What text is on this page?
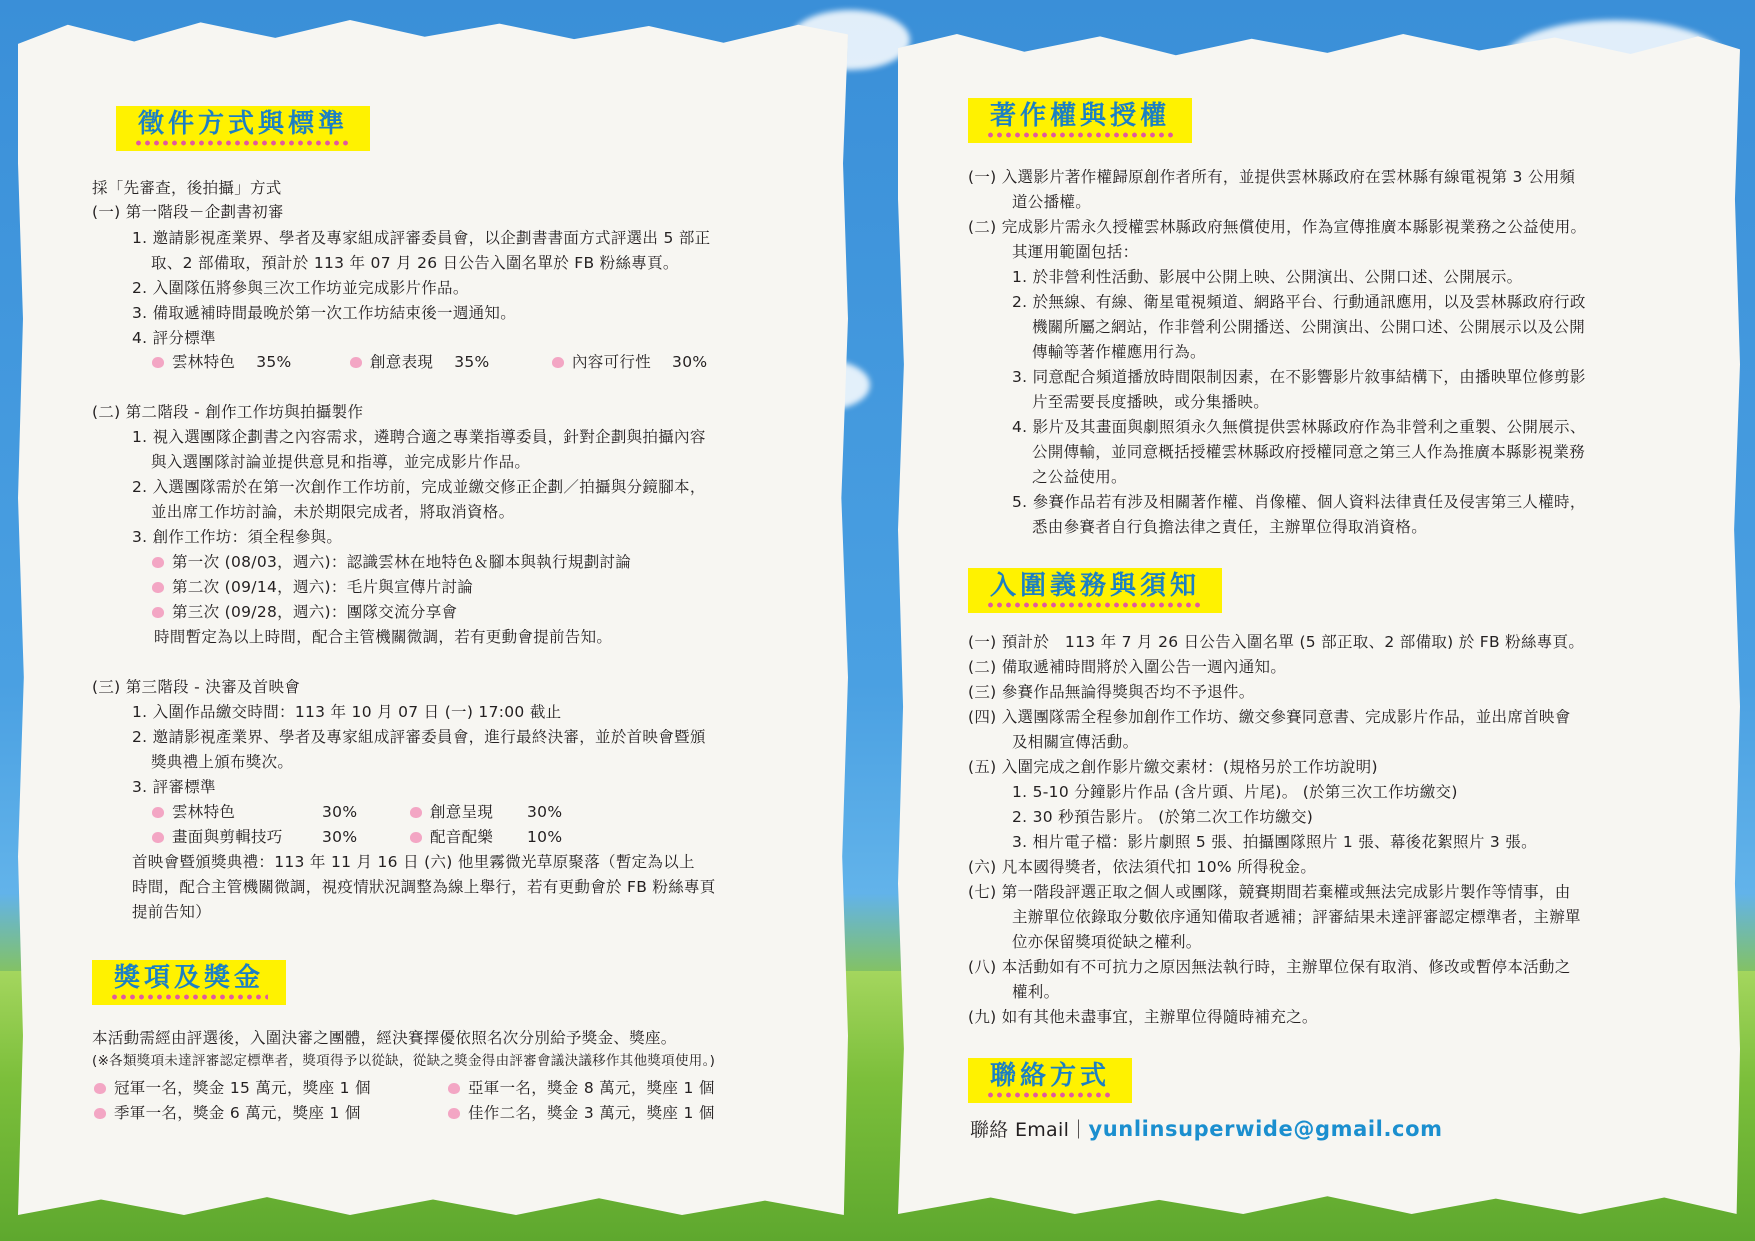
徵件方式與標準
採「先審查，後拍攝」方式
(一) 第一階段－企劃書初審
1. 邀請影視產業界、學者及專家組成評審委員會，以企劃書書面方式評選出 5 部正
取、2 部備取，預計於 113 年 07 月 26 日公告入圍名單於 FB 粉絲專頁。
2. 入圍隊伍將參與三次工作坊並完成影片作品。
3. 備取遞補時間最晚於第一次工作坊結束後一週通知。
4. 評分標準
雲林特色　 35%	創意表現　 35%	內容可行性　 30%
(二) 第二階段 - 創作工作坊與拍攝製作
1. 視入選團隊企劃書之內容需求，遴聘合適之專業指導委員，針對企劃與拍攝內容
與入選團隊討論並提供意見和指導，並完成影片作品。
2. 入選團隊需於在第一次創作工作坊前，完成並繳交修正企劃／拍攝與分鏡腳本，
並出席工作坊討論，未於期限完成者，將取消資格。
3. 創作工作坊：須全程參與。
第一次 (08/03，週六)：認識雲林在地特色＆腳本與執行規劃討論
第二次 (09/14，週六)：毛片與宣傳片討論
第三次 (09/28，週六)：團隊交流分享會
時間暫定為以上時間，配合主管機關微調，若有更動會提前告知。
(三) 第三階段 - 決審及首映會
1. 入圍作品繳交時間：113 年 10 月 07 日 (一) 17:00 截止
2. 邀請影視產業界、學者及專家組成評審委員會，進行最終決審，並於首映會暨頒
獎典禮上頒布獎次。
3. 評審標準
雲林特色	30%	創意呈現 30%
畫面與剪輯技巧	30%	配音配樂 10%
首映會暨頒獎典禮：113 年 11 月 16 日 (六) 他里霧微光草原聚落（暫定為以上
時間，配合主管機關微調，視疫情狀況調整為線上舉行，若有更動會於 FB 粉絲專頁
提前告知）
獎項及獎金
本活動需經由評選後，入圍決審之團體，經決賽擇優依照名次分別給予獎金、獎座。
(※各類獎項未達評審認定標準者，獎項得予以從缺，從缺之獎金得由評審會議決議移作其他獎項使用。)
冠軍一名，獎金 15 萬元，獎座 1 個	亞軍一名，獎金 8 萬元，獎座 1 個
季軍一名，獎金 6 萬元，獎座 1 個	佳作二名，獎金 3 萬元，獎座 1 個
著作權與授權
(一) 入選影片著作權歸原創作者所有，並提供雲林縣政府在雲林縣有線電視第 3 公用頻
道公播權。
(二) 完成影片需永久授權雲林縣政府無償使用，作為宣傳推廣本縣影視業務之公益使用。
其運用範圍包括：
1. 於非營利性活動、影展中公開上映、公開演出、公開口述、公開展示。
2. 於無線、有線、衛星電視頻道、網路平台、行動通訊應用，以及雲林縣政府行政
機關所屬之網站，作非營利公開播送、公開演出、公開口述、公開展示以及公開
傳輸等著作權應用行為。
3. 同意配合頻道播放時間限制因素，在不影響影片敘事結構下，由播映單位修剪影
片至需要長度播映，或分集播映。
4. 影片及其畫面與劇照須永久無償提供雲林縣政府作為非營利之重製、公開展示、
公開傳輸，並同意概括授權雲林縣政府授權同意之第三人作為推廣本縣影視業務
之公益使用。
5. 參賽作品若有涉及相關著作權、肖像權、個人資料法律責任及侵害第三人權時，
悉由參賽者自行負擔法律之責任，主辦單位得取消資格。
入圍義務與須知
(一) 預計於　113 年 7 月 26 日公告入圍名單 (5 部正取、2 部備取) 於 FB 粉絲專頁。
(二) 備取遞補時間將於入圍公告一週內通知。
(三) 參賽作品無論得獎與否均不予退件。
(四) 入選團隊需全程參加創作工作坊、繳交參賽同意書、完成影片作品，並出席首映會
及相關宣傳活動。
(五) 入圍完成之創作影片繳交素材：(規格另於工作坊說明)
1. 5-10 分鐘影片作品 (含片頭、片尾)。 (於第三次工作坊繳交)
2. 30 秒預告影片。 (於第二次工作坊繳交)
3. 相片電子檔：影片劇照 5 張、拍攝團隊照片 1 張、幕後花絮照片 3 張。
(六) 凡本國得獎者，依法須代扣 10% 所得稅金。
(七) 第一階段評選正取之個人或團隊，競賽期間若棄權或無法完成影片製作等情事，由
主辦單位依錄取分數依序通知備取者遞補；評審結果未達評審認定標準者，主辦單
位亦保留獎項從缺之權利。
(八) 本活動如有不可抗力之原因無法執行時，主辦單位保有取消、修改或暫停本活動之
權利。
(九) 如有其他未盡事宜，主辦單位得隨時補充之。
聯絡方式
聯絡 Email｜yunlinsuperwide@gmail.com
